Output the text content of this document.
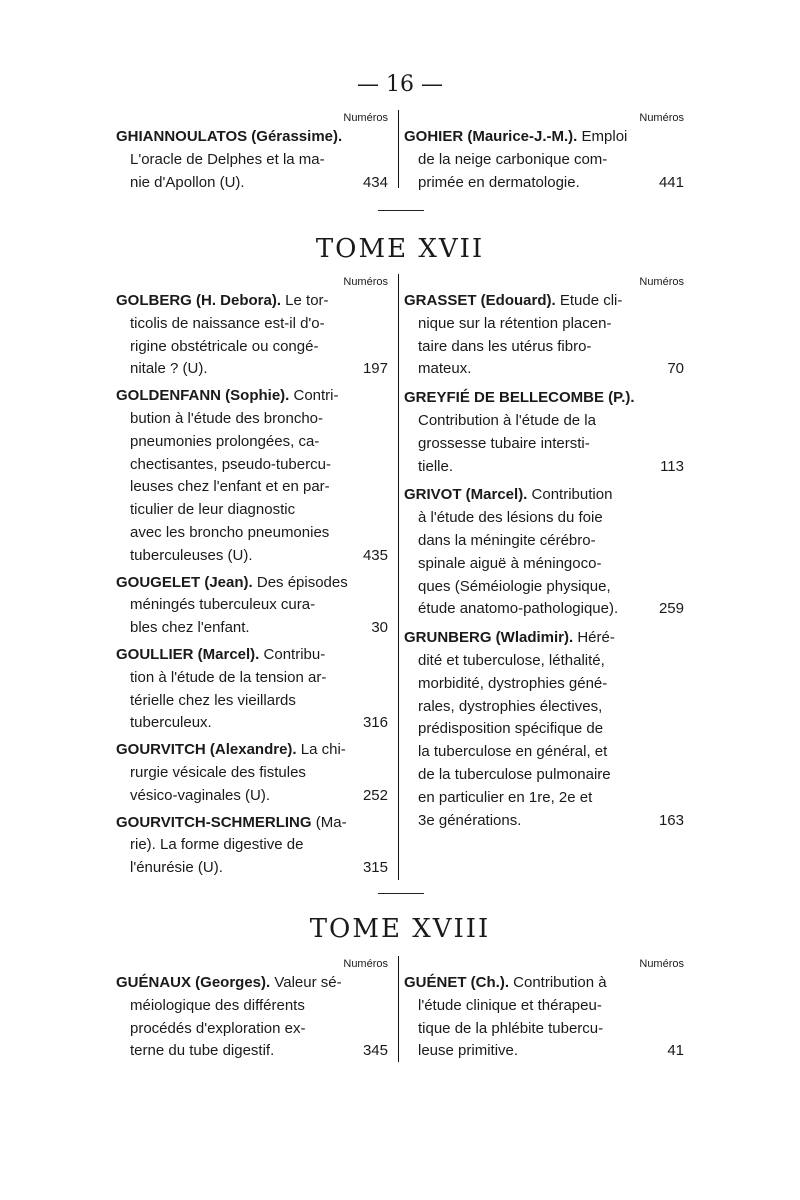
— 16 —
Numéros
GHIANNOULATOS (Gérassime).
L'oracle de Delphes et la ma-
nie d'Apollon (U).	434
Numéros
GOHIER (Maurice-J.-M.). Emploi
de la neige carbonique com-
primée en dermatologie.	441
TOME XVII
Numéros
GOLBERG (H. Debora). Le tor-
ticolis de naissance est-il d'o-
rigine obstétricale ou congé-
nitale ? (U).	197
GOLDENFANN (Sophie). Contri-
bution à l'étude des broncho-
pneumonies prolongées, ca-
chectisantes, pseudo-tubercu-
leuses chez l'enfant et en par-
ticulier de leur diagnostic
avec les broncho pneumonies
tuberculeuses (U).	435
GOUGELET (Jean). Des épisodes
méningés tuberculeux cura-
bles chez l'enfant.	30
GOULLIER (Marcel). Contribu-
tion à l'étude de la tension ar-
térielle chez les vieillards
tuberculeux.	316
GOURVITCH (Alexandre). La chi-
rurgie vésicale des fistules
vésico-vaginales (U).	252
GOURVITCH-SCHMERLING (Ma-
rie). La forme digestive de
l'énurésie (U).	315
Numéros
GRASSET (Edouard). Etude cli-
nique sur la rétention placen-
taire dans les utérus fibro-
mateux.	70
GREYFIÉ DE BELLECOMBE (P.).
Contribution à l'étude de la
grossesse tubaire intersti-
tielle.	113
GRIVOT (Marcel). Contribution
à l'étude des lésions du foie
dans la méningite cérébro-
spinale aiguë à méningoco-
ques (Séméiologie physique,
étude anatomo-pathologique).	259
GRUNBERG (Wladimir). Héré-
dité et tuberculose, léthalité,
morbidité, dystrophies géné-
rales, dystrophies électives,
prédisposition spécifique de
la tuberculose en général, et
de la tuberculose pulmonaire
en particulier en 1re, 2e et
3e générations.	163
TOME XVIII
Numéros
GUÉNAUX (Georges). Valeur sé-
méiologique des différents
procédés d'exploration ex-
terne du tube digestif.	345
Numéros
GUÉNET (Ch.). Contribution à
l'étude clinique et thérapeu-
tique de la phlébite tubercu-
leuse primitive.	41
